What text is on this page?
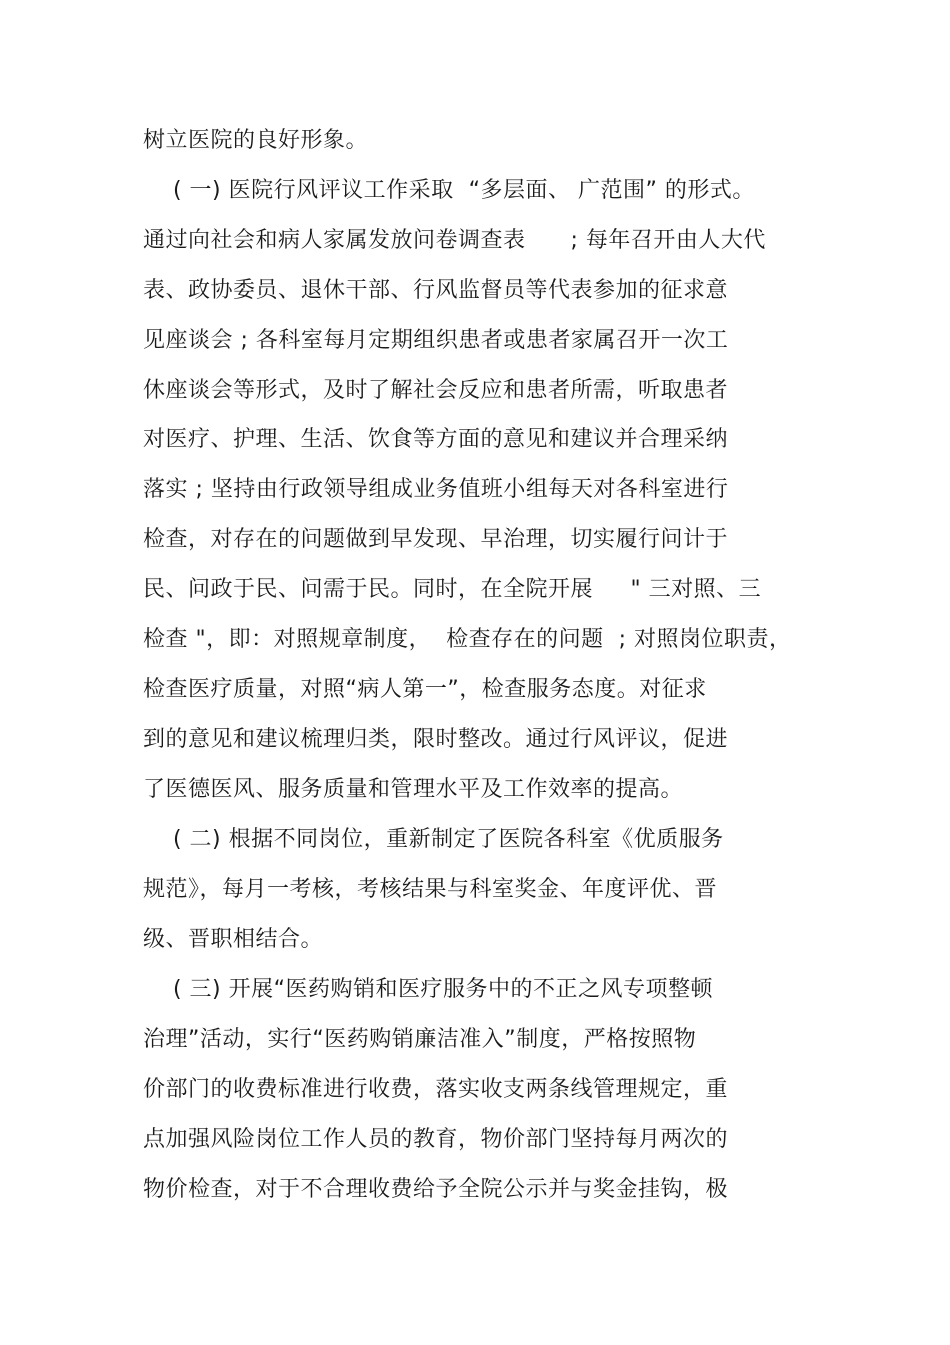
树立医院的良好形象。
( 一) 医院行风评议工作采取  “多层面、 广范围” 的形式。
通过向社会和病人家属发放问卷调查表      ; 每年召开由人大代
表、政协委员、退休干部、行风监督员等代表参加的征求意
见座谈会 ; 各科室每月定期组织患者或患者家属召开一次工
休座谈会等形式，及时了解社会反应和患者所需，听取患者
对医疗、护理、生活、饮食等方面的意见和建议并合理采纳
落实 ; 坚持由行政领导组成业务值班小组每天对各科室进行
检查，对存在的问题做到早发现、早治理，切实履行问计于
民、问政于民、问需于民。同时，在全院开展     " 三对照、三
检查 "，即：对照规章制度，  检查存在的问题  ; 对照岗位职责，
检查医疗质量，对照“病人第一”，检查服务态度。对征求
到的意见和建议梳理归类，限时整改。通过行风评议，促进
了医德医风、服务质量和管理水平及工作效率的提高。
( 二) 根据不同岗位，重新制定了医院各科室《优质服务
规范》，每月一考核，考核结果与科室奖金、年度评优、晋
级、晋职相结合。
( 三) 开展“医药购销和医疗服务中的不正之风专项整顿
治理”活动，实行“医药购销廉洁准入”制度，严格按照物
价部门的收费标准进行收费，落实收支两条线管理规定，重
点加强风险岗位工作人员的教育，物价部门坚持每月两次的
物价检查，对于不合理收费给予全院公示并与奖金挂钩，极
